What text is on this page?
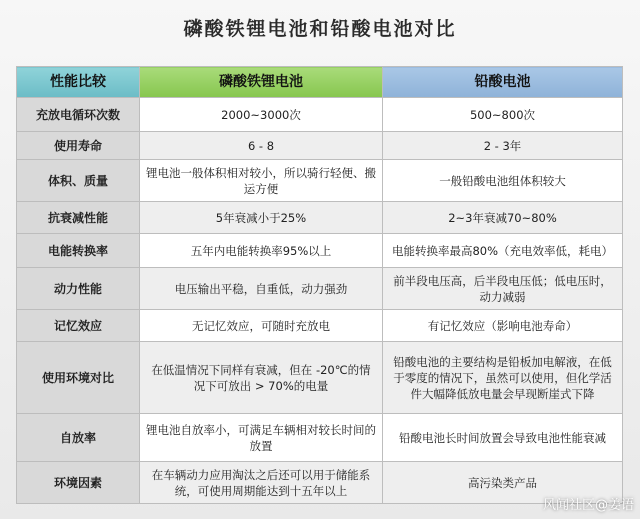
磷酸铁锂电池和铅酸电池对比
性能比较	磷酸铁锂电池	铅酸电池
充放电循环次数	2000~3000次	500~800次
使用寿命	6 - 8	2 - 3年
体积、质量	锂电池一般体积相对较小，所以骑行轻便、搬运方便	一般铅酸电池组体积较大
抗衰减性能	5年衰减小于25%	2~3年衰减70~80%
电能转换率	五年内电能转换率95%以上	电能转换率最高80%（充电效率低，耗电）
动力性能	电压输出平稳，自重低，动力强劲	前半段电压高，后半段电压低；低电压时，动力减弱
记忆效应	无记忆效应，可随时充放电	有记忆效应（影响电池寿命）
使用环境对比	在低温情况下同样有衰减，但在 -20℃的情况下可放出 > 70%的电量	铅酸电池的主要结构是铅板加电解液，在低于零度的情况下，虽然可以使用，但化学活件大幅降低放电量会早现断崖式下降
自放率	锂电池自放率小，可满足车辆相对较长时间的放置	铅酸电池长时间放置会导致电池性能衰减
环境因素	在车辆动力应用淘汰之后还可以用于储能系统，可使用周期能达到十五年以上	高污染类产品
风闻社区@姜语
